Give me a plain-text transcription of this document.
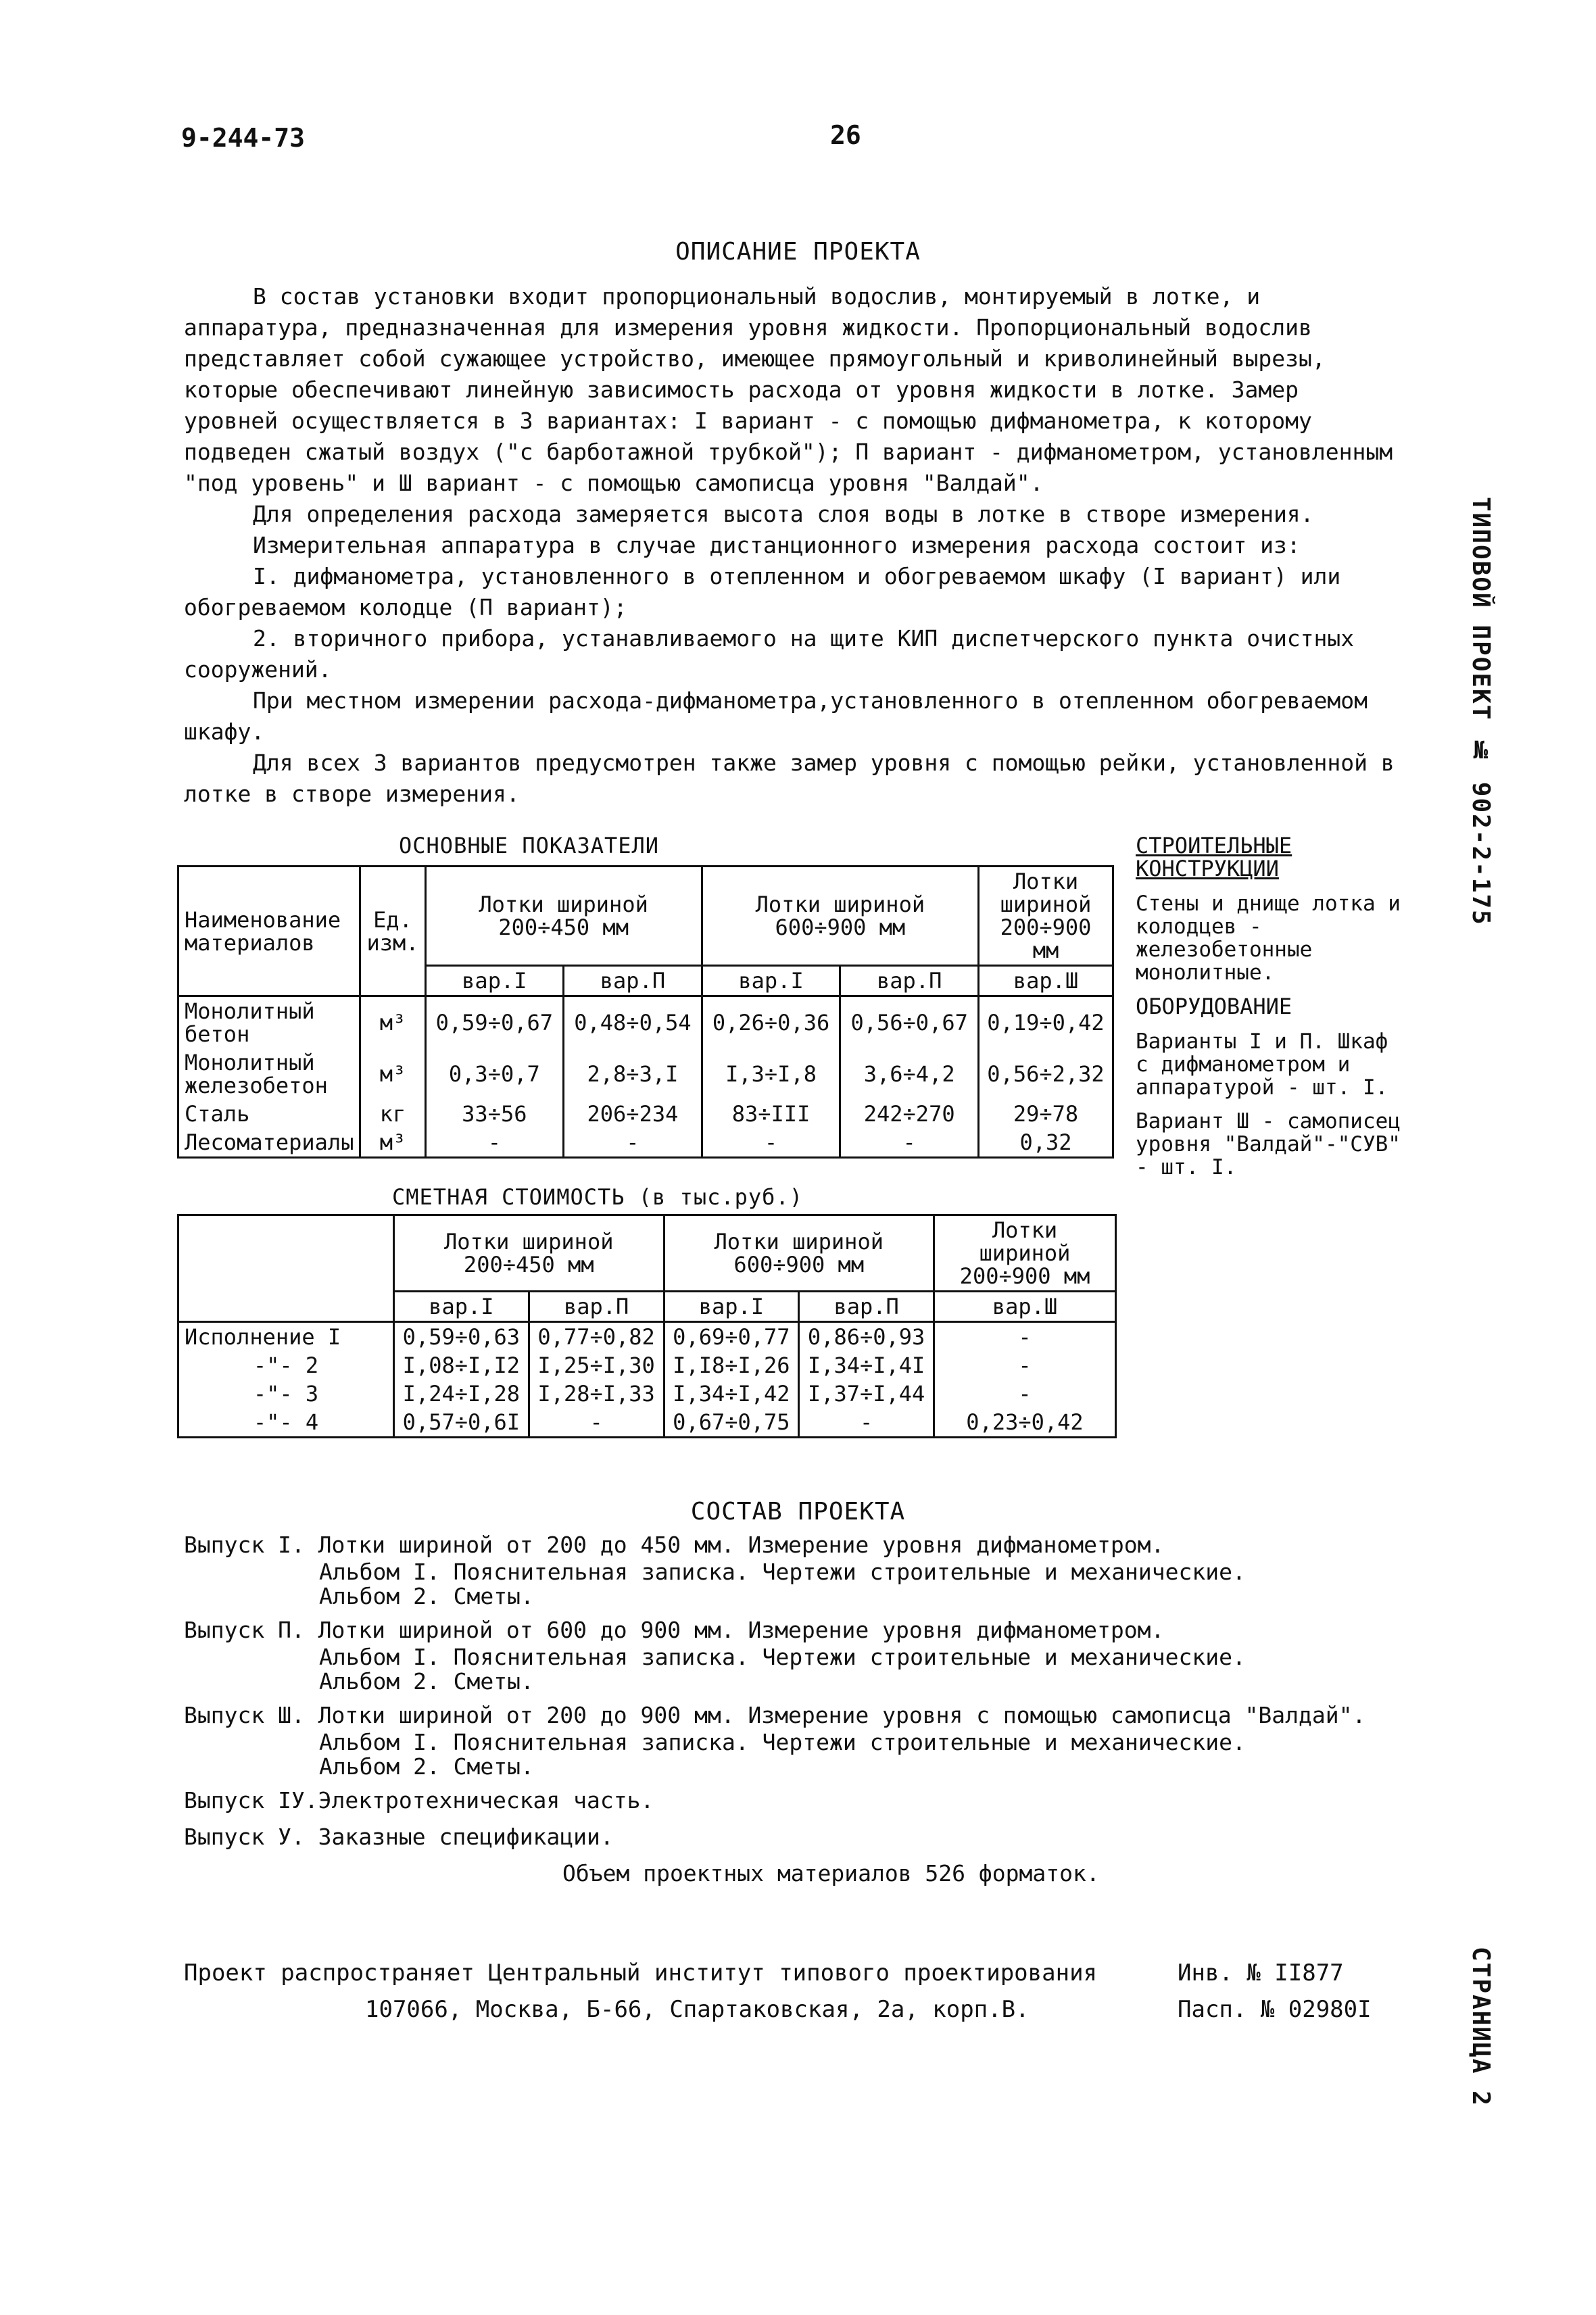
9-244-73	26
ТИПОВОЙ ПРОЕКТ № 902-2-175
СТРАНИЦА 2
ОПИСАНИЕ ПРОЕКТА

В состав установки входит пропорциональный водослив, монтируемый в лотке, и аппаратура, предназначенная для измерения уровня жидкости. Пропорциональный водослив представляет собой сужающее устройство, имеющее прямоугольный и криволинейный вырезы, которые обеспечивают линейную зависимость расхода от уровня жидкости в лотке. Замер уровней осуществляется в 3 вариантах: I вариант - с помощью дифманометра, к которому подведен сжатый воздух ("с барботажной трубкой"); П вариант - дифманометром, установленным "под уровень" и Ш вариант - с помощью самописца уровня "Валдай".

Для определения расхода замеряется высота слоя воды в лотке в створе измерения.

Измерительная аппаратура в случае дистанционного измерения расхода состоит из:

I. дифманометра, установленного в отепленном и обогреваемом шкафу (I вариант) или обогреваемом колодце (П вариант);

2. вторичного прибора, устанавливаемого на щите КИП диспетчерского пункта очистных сооружений.

При местном измерении расхода-дифманометра,установленного в отепленном обогреваемом шкафу.

Для всех 3 вариантов предусмотрен также замер уровня с помощью рейки, установленной в лотке в створе измерения.

ОСНОВНЫЕ ПОКАЗАТЕЛИ
Наименование материалов	Ед. изм.	Лотки шириной 200÷450 мм		Лотки шириной 600÷900 мм		Лотки шириной 200÷900 мм
		вар.I	вар.П	вар.I	вар.П	вар.Ш
Монолитный бетон	м³	0,59÷0,67	0,48÷0,54	0,26÷0,36	0,56÷0,67	0,19÷0,42
Монолитный железобетон	м³	0,3÷0,7	2,8÷3,I	I,3÷I,8	3,6÷4,2	0,56÷2,32
Сталь	кг	33÷56	206÷234	83÷III	242÷270	29÷78
Лесоматериалы	м³	-	-	-	-	0,32
СТРОИТЕЛЬНЫЕ КОНСТРУКЦИИ

Стены и днище лотка и колодцев - железобетонные монолитные.

ОБОРУДОВАНИЕ

Варианты I и П. Шкаф с дифманометром и аппаратурой - шт. I.

Вариант Ш - самописец уровня "Валдай"-"СУВ" - шт. I.

СМЕТНАЯ СТОИМОСТЬ (в тыс.руб.)
	Лотки шириной 200÷450 мм		Лотки шириной 600÷900 мм		Лотки шириной 200÷900 мм
	вар.I	вар.П	вар.I	вар.П	вар.Ш
Исполнение I	0,59÷0,63	0,77÷0,82	0,69÷0,77	0,86÷0,93	-
-"- 2	I,08÷I,I2	I,25÷I,30	I,I8÷I,26	I,34÷I,4I	-
-"- 3	I,24÷I,28	I,28÷I,33	I,34÷I,42	I,37÷I,44	-
-"- 4	0,57÷0,6I	-	0,67÷0,75	-	0,23÷0,42
СОСТАВ ПРОЕКТА
Выпуск I. Лотки шириной от 200 до 450 мм. Измерение уровня дифманометром.
Альбом I. Пояснительная записка. Чертежи строительные и механические.
Альбом 2. Сметы.
Выпуск П. Лотки шириной от 600 до 900 мм. Измерение уровня дифманометром.
Альбом I. Пояснительная записка. Чертежи строительные и механические.
Альбом 2. Сметы.
Выпуск Ш. Лотки шириной от 200 до 900 мм. Измерение уровня с помощью самописца "Валдай".
Альбом I. Пояснительная записка. Чертежи строительные и механические.
Альбом 2. Сметы.
Выпуск IУ.Электротехническая часть.
Выпуск У. Заказные спецификации.
Объем проектных материалов 526 форматок.
Проект распространяет Центральный институт типового проектирования
107066, Москва, Б-66, Спартаковская, 2а, корп.В.
Инв. № II877
Пасп. № 02980I
